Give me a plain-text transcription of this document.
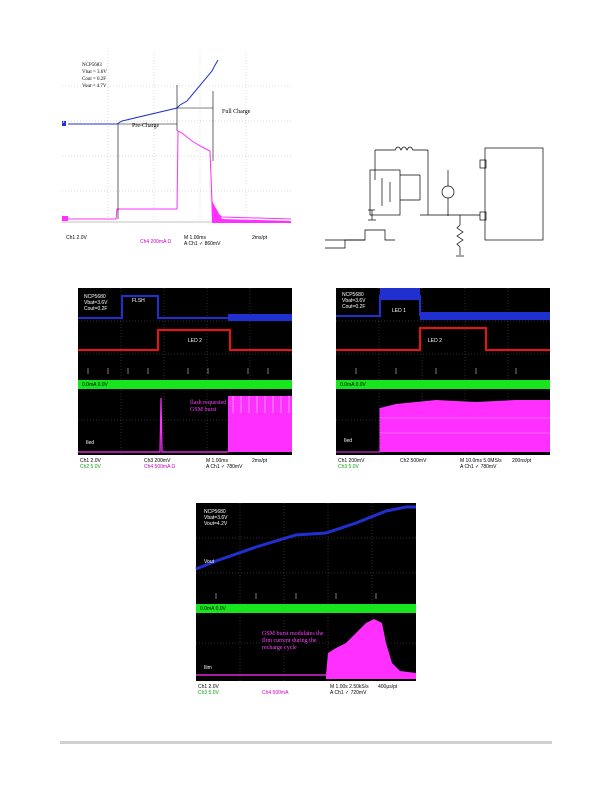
NCP5683
Vbat = 3.6V
Cout = 0.2F
Vout = 4.7V
Pre-Charge
Full Charge
1
Ch1 2.0V
Ch4 200mA Ω
M 1.00ms
A Ch1 ✓ 860mV
2ms/pt
0.0mA 0.0V
NCP5680
Vbat=3.6V
Cout=0.2F
FLSH
LED 2
flash requested by the GSM burst
Iled
Ch1 2.0V
Ch2 5.0V
Ch3 200mV
Ch4 500mA Ω
M 1.00ms
A Ch1 ✓ 780mV
2ms/pt
0.0mA 0.0V
NCP5680
Vbat=3.6V
Cout=0.2F
LED 1
LED 2
Iled
Ch1 200mV
Ch3 5.0V
Ch2 500mV	M 10.0ms 5.0MS/s
A Ch1 ✓ 780mV
200ns/pt
0.0mA 0.0V
NCP5680
Vbat=3.6V
Vout=4.2V
Vout
GSM burst modulates the Ilim current during the recharge cycle
Ilim
Ch1 2.0V
Ch3 5.0V	Ch4 500mA
M 1.00s 2.50kS/s
A Ch1 ✓ 720mV
400μs/pt
